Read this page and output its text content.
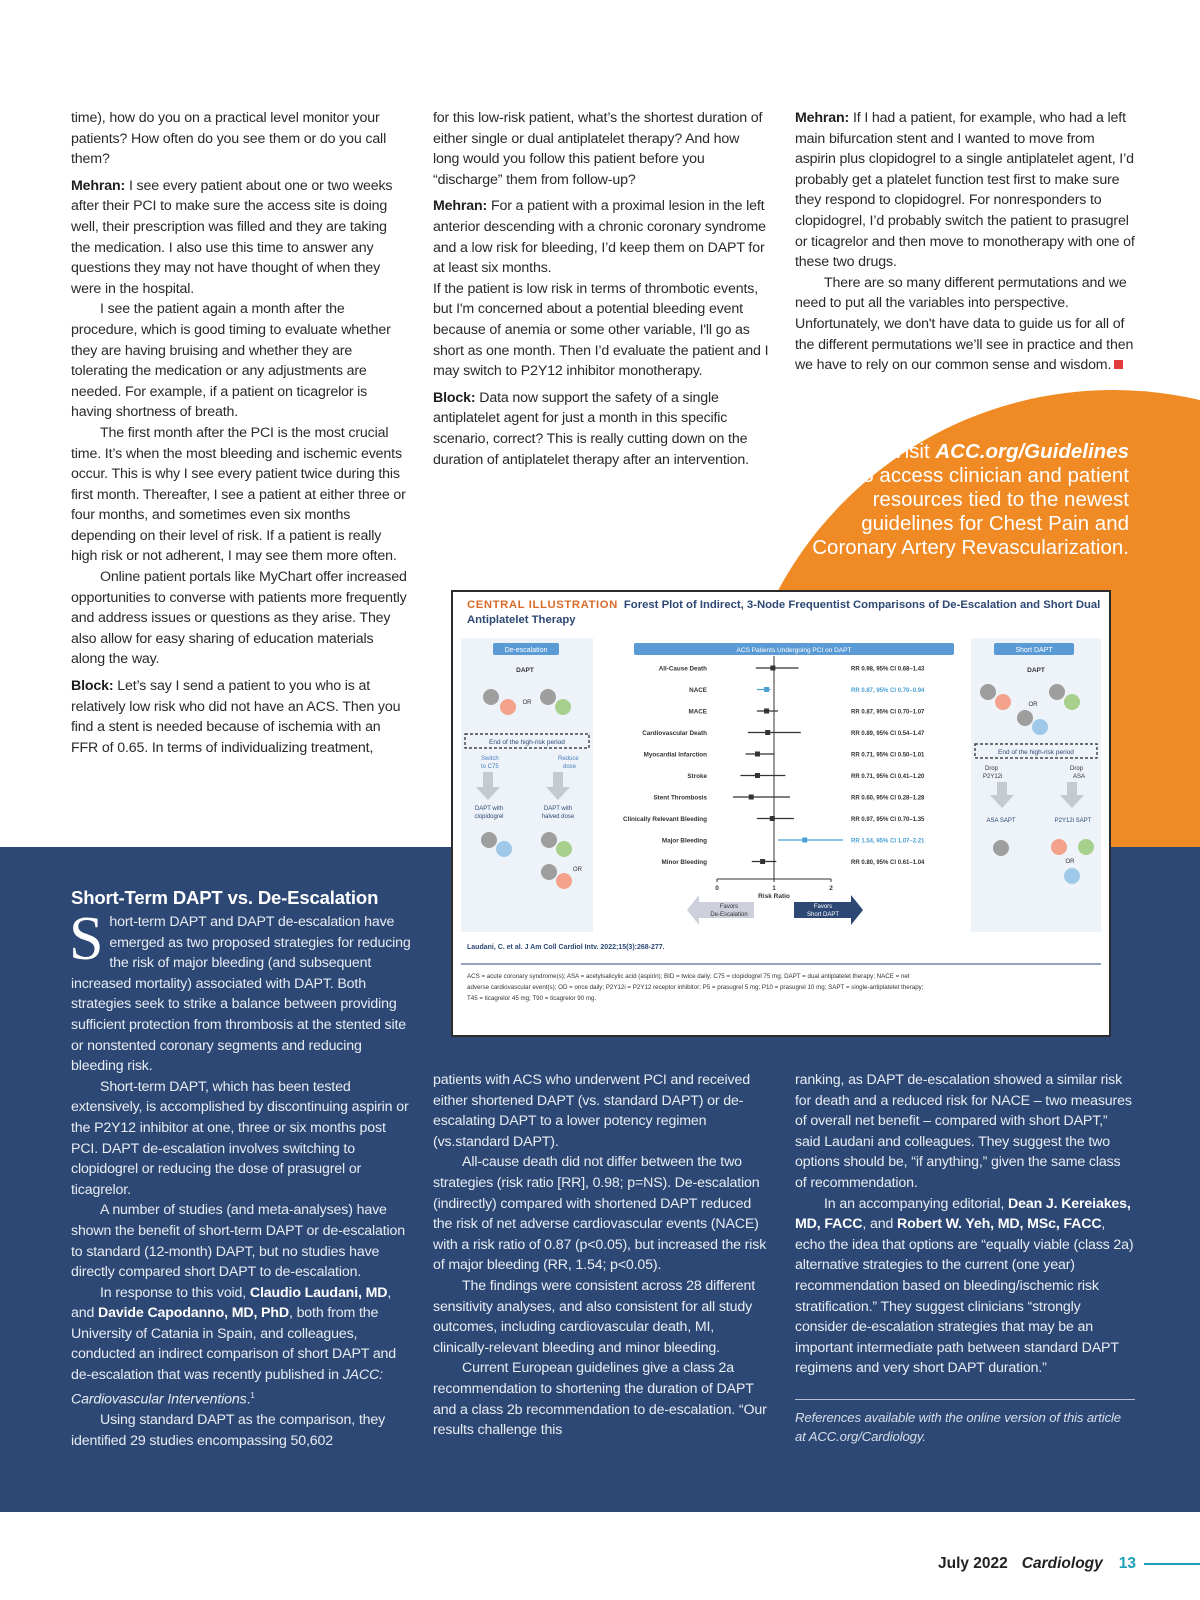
time), how do you on a practical level monitor your patients? How often do you see them or do you call them?

Mehran: I see every patient about one or two weeks after their PCI to make sure the access site is doing well, their prescription was filled and they are taking the medication. I also use this time to answer any questions they may not have thought of when they were in the hospital.

I see the patient again a month after the procedure, which is good timing to evaluate whether they are having bruising and whether they are tolerating the medication or any adjustments are needed. For example, if a patient on ticagrelor is having shortness of breath.

The first month after the PCI is the most crucial time. It’s when the most bleeding and ischemic events occur. This is why I see every patient twice during this first month. Thereafter, I see a patient at either three or four months, and sometimes even six months depending on their level of risk. If a patient is really high risk or not adherent, I may see them more often.

Online patient portals like MyChart offer increased opportunities to converse with patients more frequently and address issues or questions as they arise. They also allow for easy sharing of education materials along the way.

Block: Let’s say I send a patient to you who is at relatively low risk who did not have an ACS. Then you find a stent is needed because of ischemia with an FFR of 0.65. In terms of individualizing treatment,

for this low-risk patient, what’s the shortest duration of either single or dual antiplatelet therapy? And how long would you follow this patient before you “discharge” them from follow-up?

Mehran: For a patient with a proximal lesion in the left anterior descending with a chronic coronary syndrome and a low risk for bleeding, I’d keep them on DAPT for at least six months.

If the patient is low risk in terms of thrombotic events, but I'm concerned about a potential bleeding event because of anemia or some other variable, I'll go as short as one month. Then I’d evaluate the patient and I may switch to P2Y12 inhibitor monotherapy.

Block: Data now support the safety of a single antiplatelet agent for just a month in this specific scenario, correct? This is really cutting down on the duration of antiplatelet therapy after an intervention.

Mehran: If I had a patient, for example, who had a left main bifurcation stent and I wanted to move from aspirin plus clopidogrel to a single antiplatelet agent, I’d probably get a platelet function test first to make sure they respond to clopidogrel. For nonresponders to clopidogrel, I’d probably switch the patient to prasugrel or ticagrelor and then move to monotherapy with one of these two drugs.

There are so many different permutations and we need to put all the variables into perspective. Unfortunately, we don't have data to guide us for all of the different permutations we’ll see in practice and then we have to rely on our common sense and wisdom.

Visit ACC.org/Guidelines
to access clinician and patient
resources tied to the newest
guidelines for Chest Pain and
Coronary Artery Revascularization.
Short-Term DAPT vs. De-Escalation

Short-term DAPT and DAPT de-escalation have emerged as two proposed strategies for reducing the risk of major bleeding (and subsequent increased mortality) associated with DAPT. Both strategies seek to strike a balance between providing sufficient protection from thrombosis at the stented site or nonstented coronary segments and reducing bleeding risk.

Short-term DAPT, which has been tested extensively, is accomplished by discontinuing aspirin or the P2Y12 inhibitor at one, three or six months post PCI. DAPT de-escalation involves switching to clopidogrel or reducing the dose of prasugrel or ticagrelor.

A number of studies (and meta-analyses) have shown the benefit of short-term DAPT or de-escalation to standard (12-month) DAPT, but no studies have directly compared short DAPT to de-escalation.

In response to this void, Claudio Laudani, MD, and Davide Capodanno, MD, PhD, both from the University of Catania in Spain, and colleagues, conducted an indirect comparison of short DAPT and de-escalation that was recently published in JACC: Cardiovascular Interventions.$^1$

Using standard DAPT as the comparison, they identified 29 studies encompassing 50,602

patients with ACS who underwent PCI and received either shortened DAPT (vs. standard DAPT) or de-escalating DAPT to a lower potency regimen (vs.standard DAPT).

All-cause death did not differ between the two strategies (risk ratio [RR], 0.98; p=NS). De-escalation (indirectly) compared with shortened DAPT reduced the risk of net adverse cardiovascular events (NACE) with a risk ratio of 0.87 (p<0.05), but increased the risk of major bleeding (RR, 1.54; p<0.05).

The findings were consistent across 28 different sensitivity analyses, and also consistent for all study outcomes, including cardiovascular death, MI, clinically-relevant bleeding and minor bleeding.

Current European guidelines give a class 2a recommendation to shortening the duration of DAPT and a class 2b recommendation to de-escalation. “Our results challenge this

ranking, as DAPT de-escalation showed a similar risk for death and a reduced risk for NACE – two measures of overall net benefit – compared with short DAPT,” said Laudani and colleagues. They suggest the two options should be, “if anything,” given the same class of recommendation.

In an accompanying editorial, Dean J. Kereiakes, MD, FACC, and Robert W. Yeh, MD, MSc, FACC, echo the idea that options are “equally viable (class 2a) alternative strategies to the current (one year) recommendation based on bleeding/ischemic risk stratification.” They suggest clinicians “strongly consider de-escalation strategies that may be an important intermediate path between standard DAPT regimens and very short DAPT duration.”

References available with the online version of this article at ACC.org/Cardiology.
CENTRAL ILLUSTRATION Forest Plot of Indirect, 3-Node Frequentist Comparisons of De-Escalation and Short Dual Antiplatelet Therapy
De-escalation
DAPT
OR
End of the high-risk period
Switch
to C75
Reduce
dose
DAPT with
clopidogrel
DAPT with
halved dose
OR
ACS Patients Undergoing PCI on DAPT
0	1	2
Risk Ratio
All-Cause Death	RR 0.98, 95% CI 0.68–1.43
NACE	RR 0.87, 95% CI 0.70–0.94
MACE	RR 0.87, 95% CI 0.70–1.07
Cardiovascular Death	RR 0.89, 95% CI 0.54–1.47
Myocardial Infarction	RR 0.71, 95% CI 0.50–1.01
Stroke	RR 0.71, 95% CI 0.41–1.20
Stent Thrombosis	RR 0.60, 95% CI 0.28–1.28
Clinically Relevant Bleeding	RR 0.97, 95% CI 0.70–1.35
Major Bleeding	RR 1.54, 95% CI 1.07–2.21
Minor Bleeding	RR 0.80, 95% CI 0.61–1.04
Favors
De-Escalation
Favors
Short DAPT
Short DAPT
DAPT
OR
End of the high-risk period
Drop
P2Y12i
Drop
ASA
ASA SAPT	P2Y12i SAPT
OR
Laudani, C. et al. J Am Coll Cardiol Intv. 2022;15(3):268-277.
ACS = acute coronary syndrome(s); ASA = acetylsalicylic acid (aspirin); BID = twice daily; C75 = clopidogrel 75 mg; DAPT = dual antiplatelet therapy; NACE = net
adverse cardiovascular event(s); OD = once daily; P2Y12i = P2Y12 receptor inhibitor; P5 = prasugrel 5 mg; P10 = prasugrel 10 mg; SAPT = single-antiplatelet therapy;
T45 = ticagrelor 45 mg; T90 = ticagrelor 90 mg.
July 2022 Cardiology 13
